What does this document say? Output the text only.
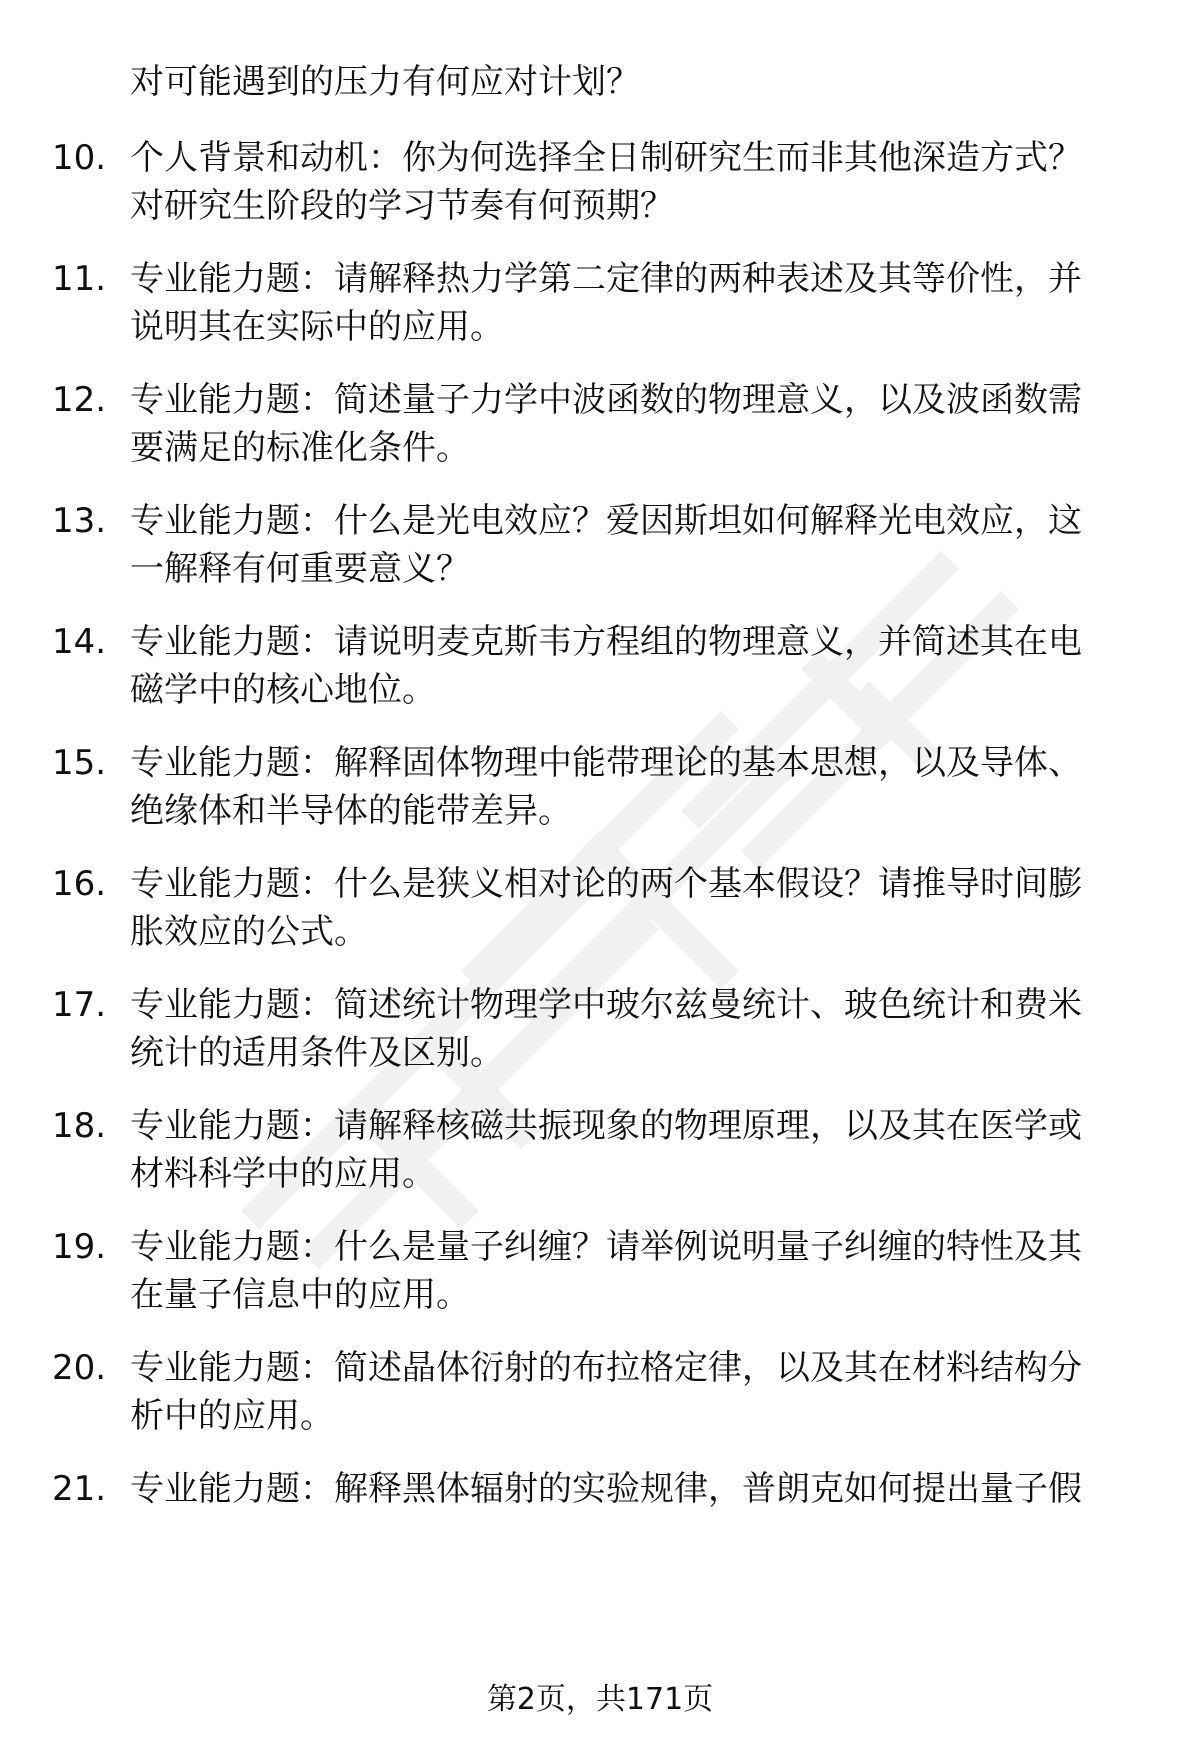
对可能遇到的压力有何应对计划？
10. 个人背景和动机：你为何选择全日制研究生而非其他深造方式？
对研究生阶段的学习节奏有何预期？
11. 专业能力题：请解释热力学第二定律的两种表述及其等价性，并
说明其在实际中的应用。
12. 专业能力题：简述量子力学中波函数的物理意义，以及波函数需
要满足的标准化条件。
13. 专业能力题：什么是光电效应？爱因斯坦如何解释光电效应，这
一解释有何重要意义？
14. 专业能力题：请说明麦克斯韦方程组的物理意义，并简述其在电
磁学中的核心地位。
15. 专业能力题：解释固体物理中能带理论的基本思想，以及导体、
绝缘体和半导体的能带差异。
16. 专业能力题：什么是狭义相对论的两个基本假设？请推导时间膨
胀效应的公式。
17. 专业能力题：简述统计物理学中玻尔兹曼统计、玻色统计和费米
统计的适用条件及区别。
18. 专业能力题：请解释核磁共振现象的物理原理，以及其在医学或
材料科学中的应用。
19. 专业能力题：什么是量子纠缠？请举例说明量子纠缠的特性及其
在量子信息中的应用。
20. 专业能力题：简述晶体衍射的布拉格定律，以及其在材料结构分
析中的应用。
21. 专业能力题：解释黑体辐射的实验规律，普朗克如何提出量子假
第2页，共171页
